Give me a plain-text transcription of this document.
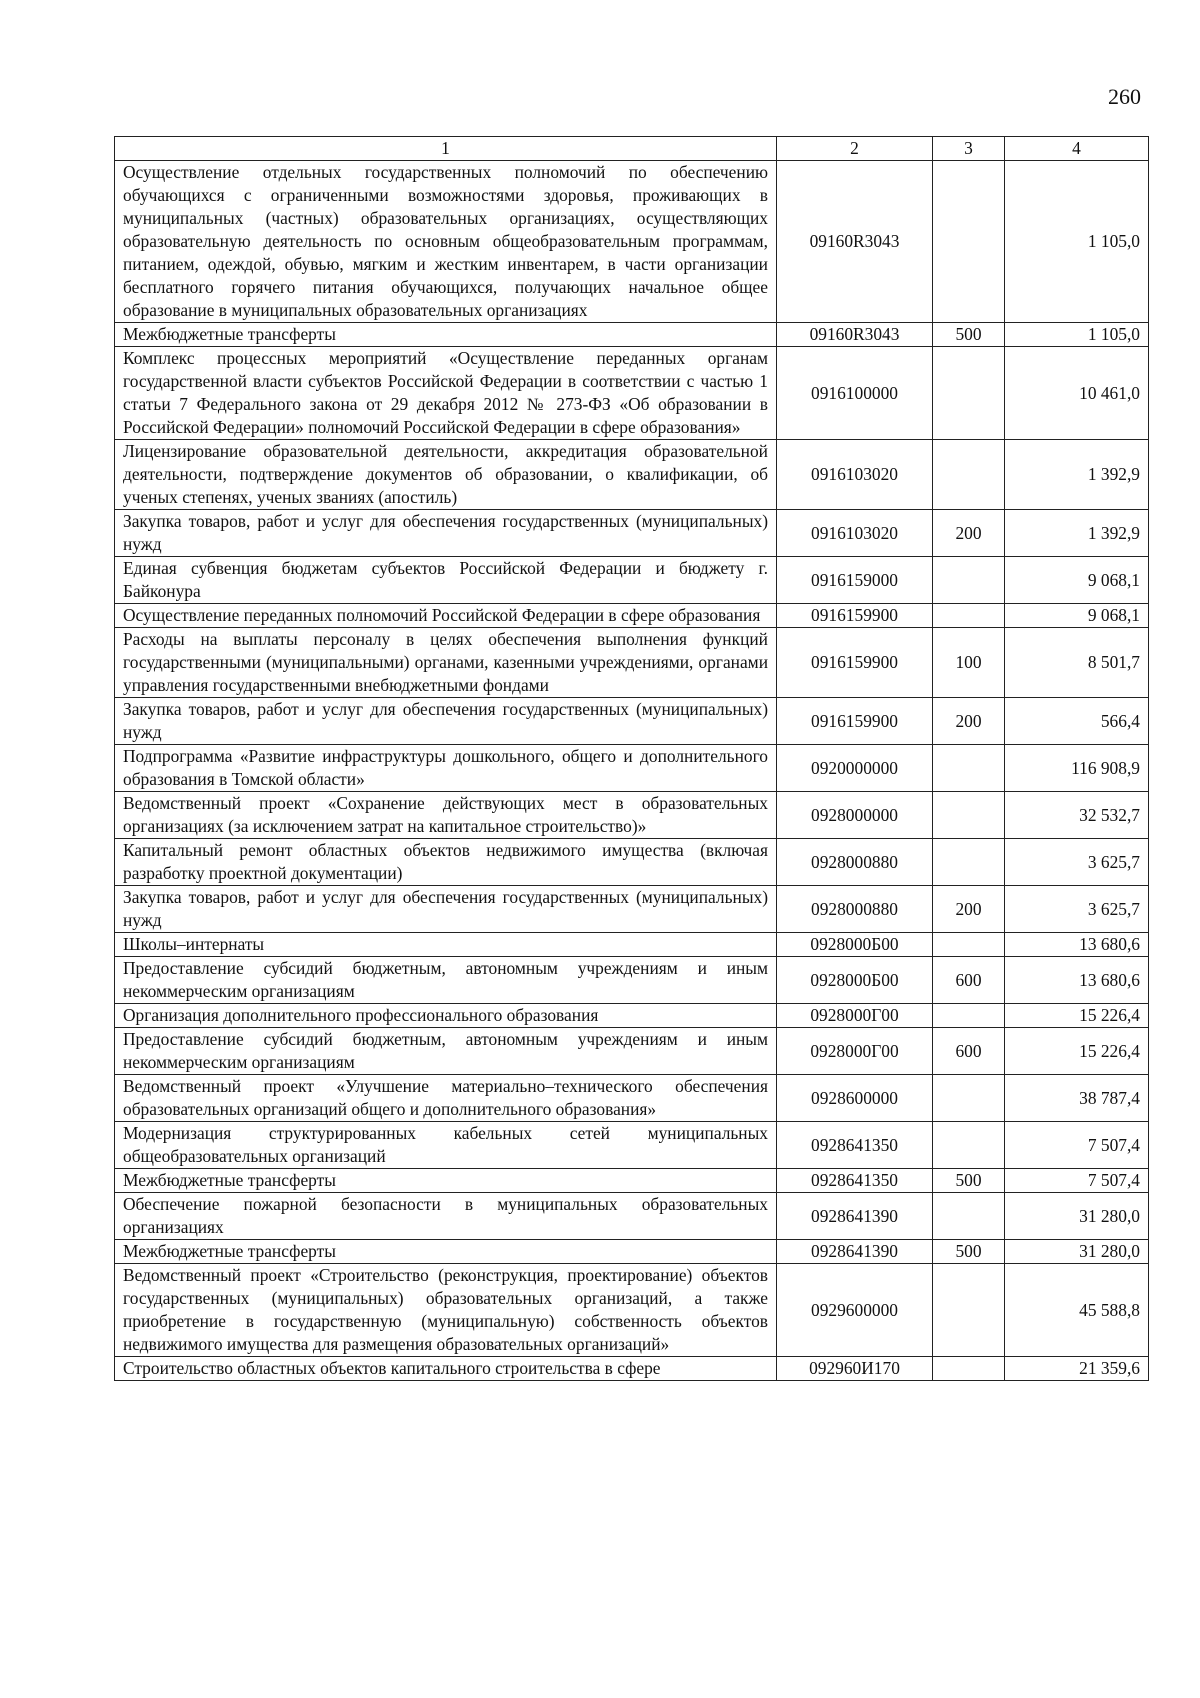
260
1	2	3	4
Осуществление отдельных государственных полномочий по обеспечению обучающихся с ограниченными возможностями здоровья, проживающих в муниципальных (частных) образовательных организациях, осуществляющих образовательную деятельность по основным общеобразовательным программам, питанием, одеждой, обувью, мягким и жестким инвентарем, в части организации бесплатного горячего питания обучающихся, получающих начальное общее образование в муниципальных образовательных организациях	09160R3043		1 105,0
Межбюджетные трансферты	09160R3043	500	1 105,0
Комплекс процессных мероприятий «Осуществление переданных органам государственной власти субъектов Российской Федерации в соответствии с частью 1 статьи 7 Федерального закона от 29 декабря 2012 № 273-ФЗ «Об образовании в Российской Федерации» полномочий Российской Федерации в сфере образования»	0916100000		10 461,0
Лицензирование образовательной деятельности, аккредитация образовательной деятельности, подтверждение документов об образовании, о квалификации, об ученых степенях, ученых званиях (апостиль)	0916103020		1 392,9
Закупка товаров, работ и услуг для обеспечения государственных (муниципальных) нужд	0916103020	200	1 392,9
Единая субвенция бюджетам субъектов Российской Федерации и бюджету г. Байконура	0916159000		9 068,1
Осуществление переданных полномочий Российской Федерации в сфере образования	0916159900		9 068,1
Расходы на выплаты персоналу в целях обеспечения выполнения функций государственными (муниципальными) органами, казенными учреждениями, органами управления государственными внебюджетными фондами	0916159900	100	8 501,7
Закупка товаров, работ и услуг для обеспечения государственных (муниципальных) нужд	0916159900	200	566,4
Подпрограмма «Развитие инфраструктуры дошкольного, общего и дополнительного образования в Томской области»	0920000000		116 908,9
Ведомственный проект «Сохранение действующих мест в образовательных организациях (за исключением затрат на капитальное строительство)»	0928000000		32 532,7
Капитальный ремонт областных объектов недвижимого имущества (включая разработку проектной документации)	0928000880		3 625,7
Закупка товаров, работ и услуг для обеспечения государственных (муниципальных) нужд	0928000880	200	3 625,7
Школы–интернаты	0928000Б00		13 680,6
Предоставление субсидий бюджетным, автономным учреждениям и иным некоммерческим организациям	0928000Б00	600	13 680,6
Организация дополнительного профессионального образования	0928000Г00		15 226,4
Предоставление субсидий бюджетным, автономным учреждениям и иным некоммерческим организациям	0928000Г00	600	15 226,4
Ведомственный проект «Улучшение материально–технического обеспечения образовательных организаций общего и дополнительного образования»	0928600000		38 787,4
Модернизация структурированных кабельных сетей муниципальных общеобразовательных организаций	0928641350		7 507,4
Межбюджетные трансферты	0928641350	500	7 507,4
Обеспечение пожарной безопасности в муниципальных образовательных организациях	0928641390		31 280,0
Межбюджетные трансферты	0928641390	500	31 280,0
Ведомственный проект «Строительство (реконструкция, проектирование) объектов государственных (муниципальных) образовательных организаций, а также приобретение в государственную (муниципальную) собственность объектов недвижимого имущества для размещения образовательных организаций»	0929600000		45 588,8
Строительство областных объектов капитального строительства в сфере	092960И170		21 359,6
